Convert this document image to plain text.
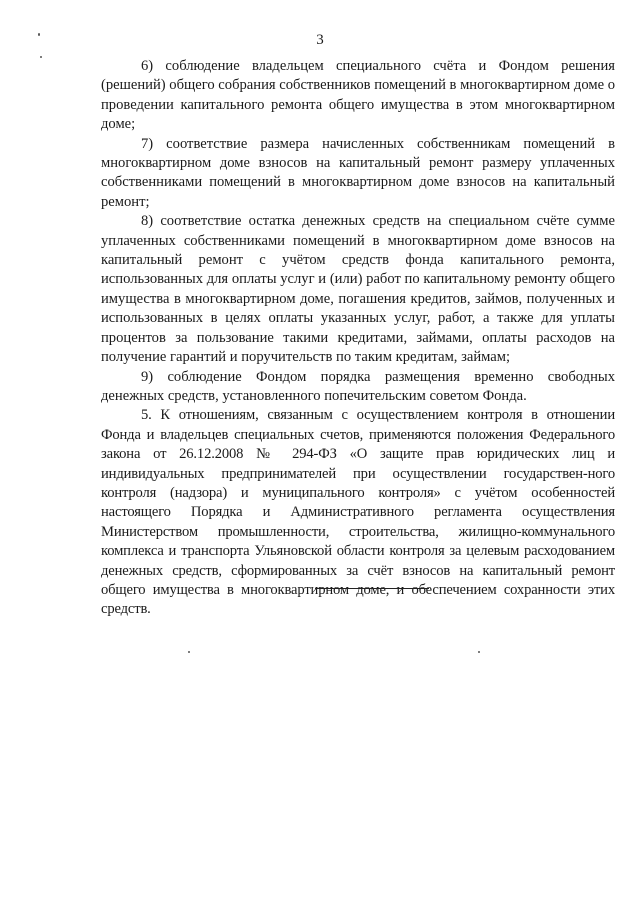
3

6) соблюдение владельцем специального счёта и Фондом решения (решений) общего собрания собственников помещений в многоквартирном доме о проведении капитального ремонта общего имущества в этом многоквартирном доме;

7) соответствие размера начисленных собственникам помещений в многоквартирном доме взносов на капитальный ремонт размеру уплаченных собственниками помещений в многоквартирном доме взносов на капитальный ремонт;

8) соответствие остатка денежных средств на специальном счёте сумме уплаченных собственниками помещений в многоквартирном доме взносов на капитальный ремонт с учётом средств фонда капитального ремонта, использованных для оплаты услуг и (или) работ по капитальному ремонту общего имущества в многоквартирном доме, погашения кредитов, займов, полученных и использованных в целях оплаты указанных услуг, работ, а также для уплаты процентов за пользование такими кредитами, займами, оплаты расходов на получение гарантий и поручительств по таким кредитам, займам;

9) соблюдение Фондом порядка размещения временно свободных денежных средств, установленного попечительским советом Фонда.

5. К отношениям, связанным с осуществлением контроля в отношении Фонда и владельцев специальных счетов, применяются положения Федерального закона от 26.12.2008 № 294-ФЗ «О защите прав юридических лиц и индивидуальных предпринимателей при осуществлении государствен-ного контроля (надзора) и муниципального контроля» с учётом особенностей настоящего Порядка и Административного регламента осуществления Министерством промышленности, строительства, жилищно-коммунального комплекса и транспорта Ульяновской области контроля за целевым расходованием денежных средств, сформированных за счёт взносов на капитальный ремонт общего имущества в многоквартирном доме, и обеспечением сохранности этих средств.
